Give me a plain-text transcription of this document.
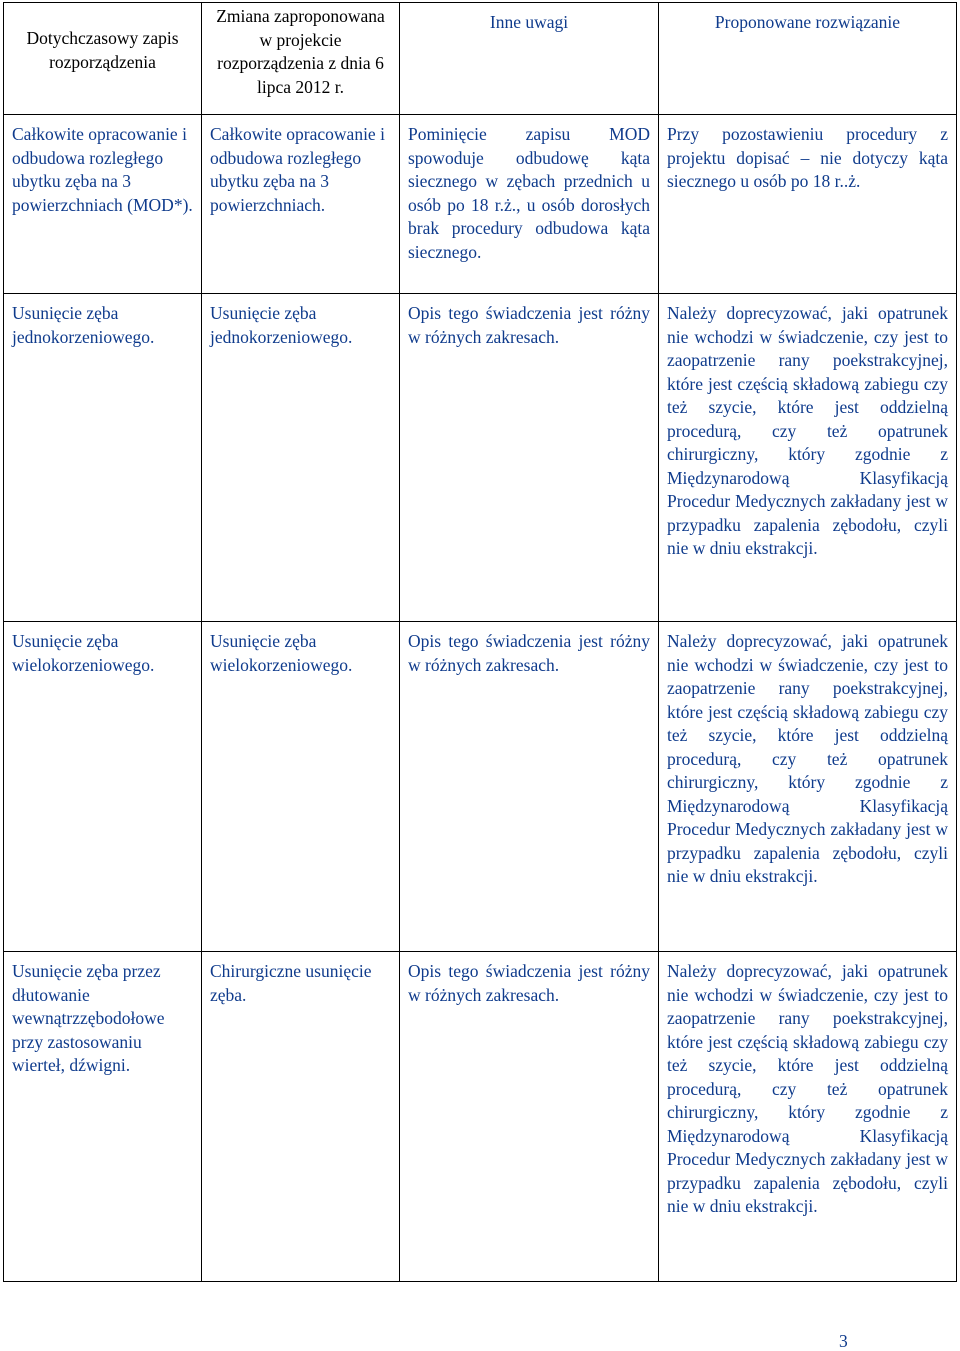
Dotychczasowy zapis rozporządzenia	Zmiana zaproponowana w projekcie rozporządzenia z dnia 6 lipca 2012 r.	Inne uwagi	Proponowane rozwiązanie
Całkowite opracowanie i odbudowa rozległego ubytku zęba na 3 powierzchniach (MOD*).	Całkowite opracowanie i odbudowa rozległego ubytku zęba na 3 powierzchniach.	Pominięcie zapisu MOD spowoduje odbudowę kąta siecznego w zębach przednich u osób po 18 r.ż., u osób dorosłych brak procedury odbudowa kąta siecznego.	Przy pozostawieniu procedury z projektu dopisać – nie dotyczy kąta siecznego u osób po 18 r..ż.
Usunięcie zęba jednokorzeniowego.	Usunięcie zęba jednokorzeniowego.	Opis tego świadczenia jest różny w różnych zakresach.	Należy doprecyzować, jaki opatrunek nie wchodzi w świadczenie, czy jest to zaopatrzenie rany poekstrakcyjnej, które jest częścią składową zabiegu czy też szycie, które jest oddzielną procedurą, czy też opatrunek chirurgiczny, który zgodnie z Międzynarodową Klasyfikacją Procedur Medycznych zakładany jest w przypadku zapalenia zębodołu, czyli nie w dniu ekstrakcji.
Usunięcie zęba wielokorzeniowego.	Usunięcie zęba wielokorzeniowego.	Opis tego świadczenia jest różny w różnych zakresach.	Należy doprecyzować, jaki opatrunek nie wchodzi w świadczenie, czy jest to zaopatrzenie rany poekstrakcyjnej, które jest częścią składową zabiegu czy też szycie, które jest oddzielną procedurą, czy też opatrunek chirurgiczny, który zgodnie z Międzynarodową Klasyfikacją Procedur Medycznych zakładany jest w przypadku zapalenia zębodołu, czyli nie w dniu ekstrakcji.
Usunięcie zęba przez dłutowanie wewnątrzzębodołowe przy zastosowaniu wierteł, dźwigni.	Chirurgiczne usunięcie zęba.	Opis tego świadczenia jest różny w różnych zakresach.	Należy doprecyzować, jaki opatrunek nie wchodzi w świadczenie, czy jest to zaopatrzenie rany poekstrakcyjnej, które jest częścią składową zabiegu czy też szycie, które jest oddzielną procedurą, czy też opatrunek chirurgiczny, który zgodnie z Międzynarodową Klasyfikacją Procedur Medycznych zakładany jest w przypadku zapalenia zębodołu, czyli nie w dniu ekstrakcji.
3
